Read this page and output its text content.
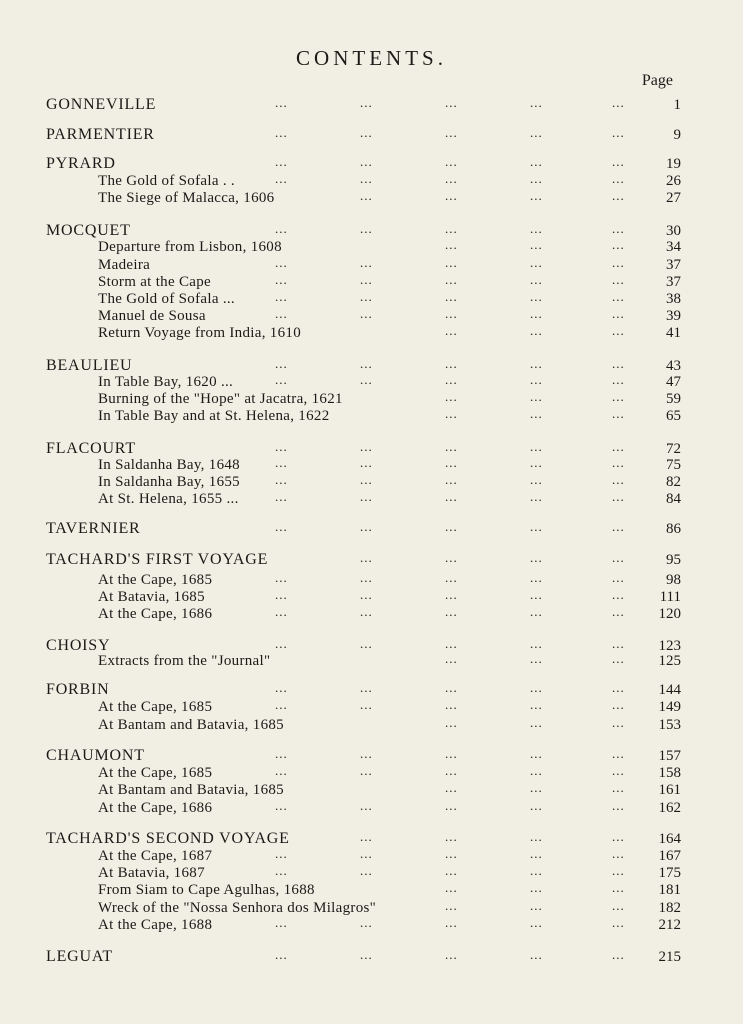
CONTENTS.
Page
...	...	...	...	...
GONNEVILLE	1
...	...	...	...	...
PARMENTIER	9
...	...	...	...	...
PYRARD	19
...	...	...	...	...
The Gold of Sofala . .	26
...	...	...	...
The Siege of Malacca, 1606	27
...	...	...	...	...
MOCQUET	30
...	...	...
Departure from Lisbon, 1608	34
...	...	...	...	...
Madeira	37
...	...	...	...	...
Storm at the Cape	37
...	...	...	...	...
The Gold of Sofala ...	38
...	...	...	...	...
Manuel de Sousa	39
...	...	...
Return Voyage from India, 1610	41
...	...	...	...	...
BEAULIEU	43
...	...	...	...	...
In Table Bay, 1620 ...	47
...	...	...
Burning of the "Hope" at Jacatra, 1621	59
...	...	...
In Table Bay and at St. Helena, 1622	65
...	...	...	...	...
FLACOURT	72
...	...	...	...	...
In Saldanha Bay, 1648	75
...	...	...	...	...
In Saldanha Bay, 1655	82
...	...	...	...	...
At St. Helena, 1655 ...	84
...	...	...	...	...
TAVERNIER	86
...	...	...	...
TACHARD'S FIRST VOYAGE	95
...	...	...	...	...
At the Cape, 1685	98
...	...	...	...	...
At Batavia, 1685	111
...	...	...	...	...
At the Cape, 1686	120
...	...	...	...	...
CHOISY	123
...	...	...
Extracts from the "Journal"	125
...	...	...	...	...
FORBIN	144
...	...	...	...	...
At the Cape, 1685	149
...	...	...
At Bantam and Batavia, 1685	153
...	...	...	...	...
CHAUMONT	157
...	...	...	...	...
At the Cape, 1685	158
...	...	...
At Bantam and Batavia, 1685	161
...	...	...	...	...
At the Cape, 1686	162
...	...	...	...
TACHARD'S SECOND VOYAGE	164
...	...	...	...	...
At the Cape, 1687	167
...	...	...	...	...
At Batavia, 1687	175
...	...	...
From Siam to Cape Agulhas, 1688	181
...	...	...
Wreck of the "Nossa Senhora dos Milagros"	182
...	...	...	...	...
At the Cape, 1688	212
...	...	...	...	...
LEGUAT	215
